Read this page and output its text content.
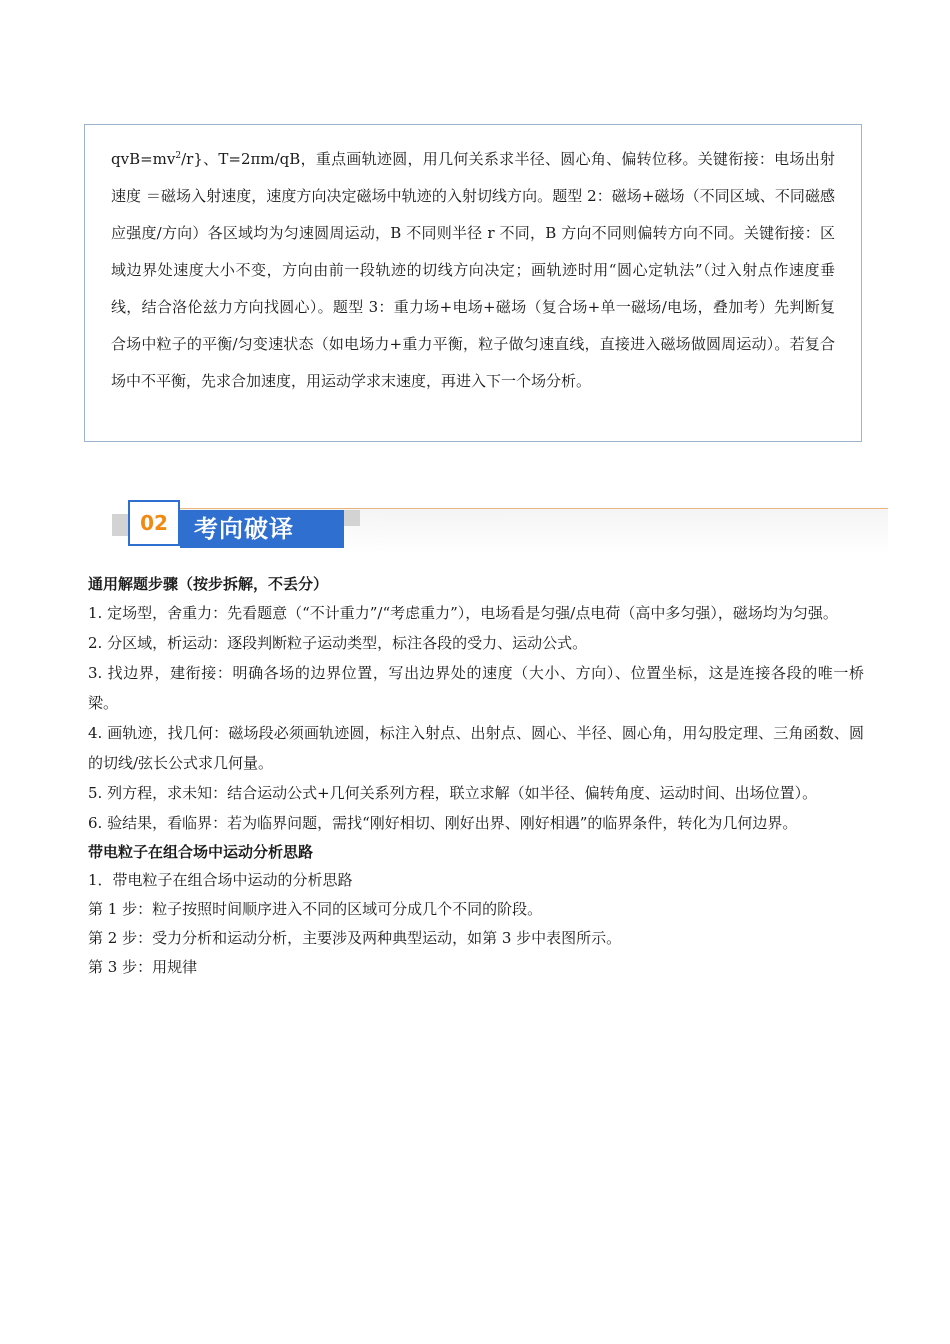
$qvB=mv^2/r$}、T=2πm/qB，重点画轨迹圆，用几何关系求半径、圆心角、偏转位移。关键衔接：电场出射速度 ＝磁场入射速度，速度方向决定磁场中轨迹的入射切线方向。题型 2：磁场+磁场（不同区域、不同磁感应强度/方向）各区域均为匀速圆周运动，B 不同则半径 r 不同，B 方向不同则偏转方向不同。关键衔接：区域边界处速度大小不变，方向由前一段轨迹的切线方向决定；画轨迹时用“圆心定轨法”（过入射点作速度垂线，结合洛伦兹力方向找圆心）。题型 3：重力场+电场+磁场（复合场+单一磁场/电场，叠加考）先判断复合场中粒子的平衡/匀变速状态（如电场力+重力平衡，粒子做匀速直线，直接进入磁场做圆周运动）。若复合场中不平衡，先求合加速度，用运动学求末速度，再进入下一个场分析。
考向破译
02

通用解题步骤（按步拆解，不丢分）

1. 定场型，舍重力：先看题意（“不计重力”/“考虑重力”），电场看是匀强/点电荷（高中多匀强），磁场均为匀强。

2. 分区域，析运动：逐段判断粒子运动类型，标注各段的受力、运动公式。

3. 找边界，建衔接：明确各场的边界位置，写出边界处的速度（大小、方向）、位置坐标，这是连接各段的唯一桥梁。

4. 画轨迹，找几何：磁场段必须画轨迹圆，标注入射点、出射点、圆心、半径、圆心角，用勾股定理、三角函数、圆的切线/弦长公式求几何量。

5. 列方程，求未知：结合运动公式+几何关系列方程，联立求解（如半径、偏转角度、运动时间、出场位置）。

6. 验结果，看临界：若为临界问题，需找“刚好相切、刚好出界、刚好相遇”的临界条件，转化为几何边界。

带电粒子在组合场中运动分析思路

1．带电粒子在组合场中运动的分析思路

第 1 步：粒子按照时间顺序进入不同的区域可分成几个不同的阶段。

第 2 步：受力分析和运动分析，主要涉及两种典型运动，如第 3 步中表图所示。

第 3 步：用规律
